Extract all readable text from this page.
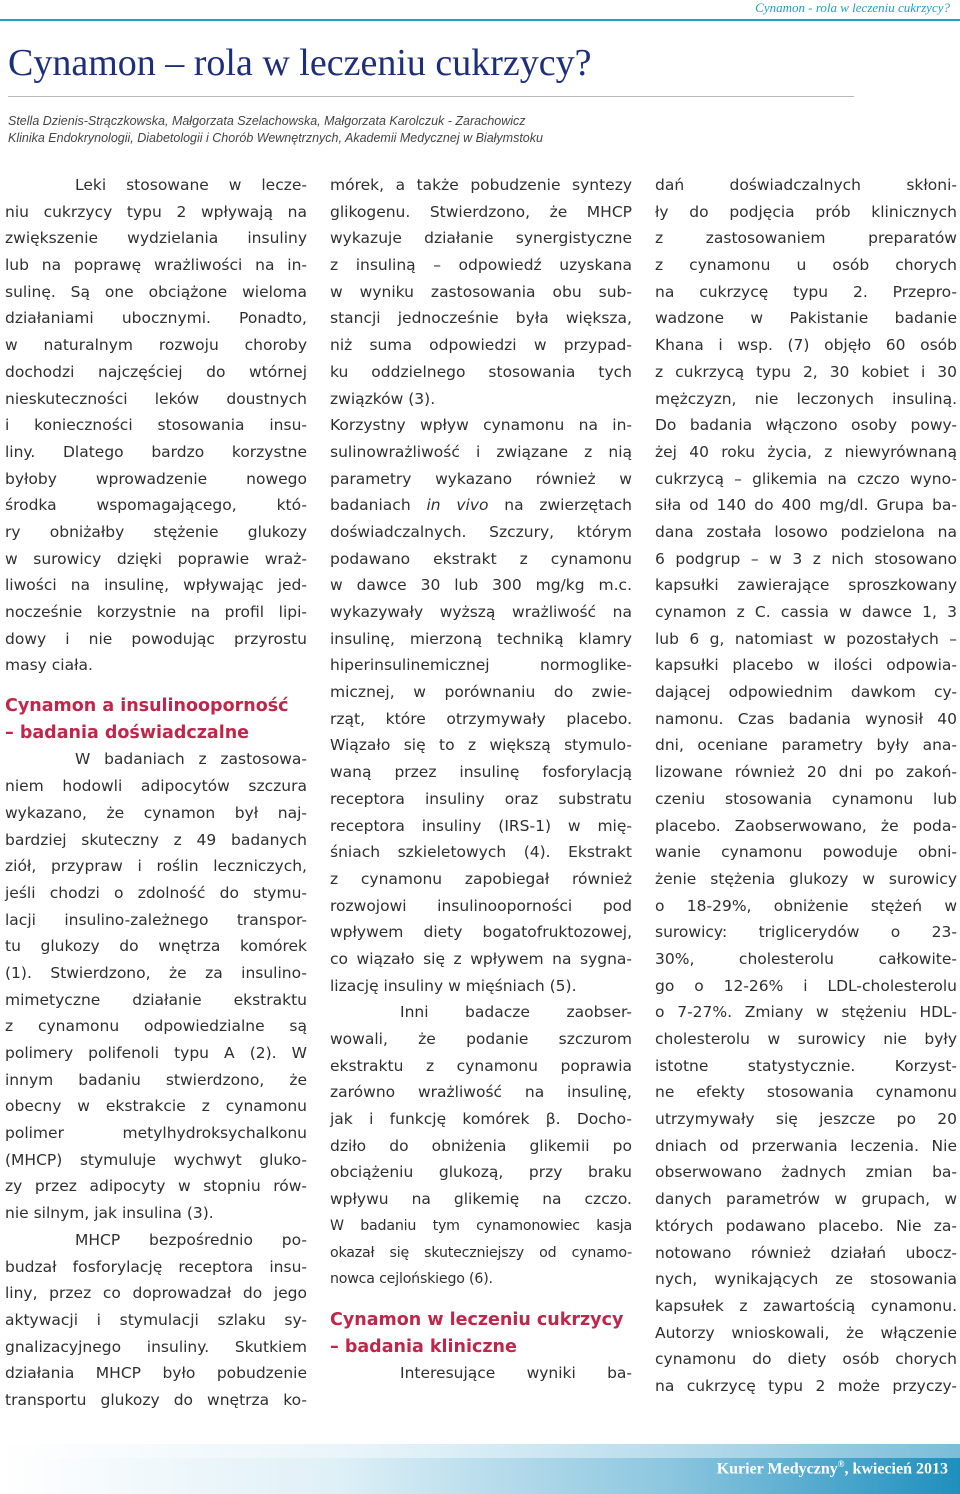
Cynamon - rola w leczeniu cukrzycy?
Cynamon – rola w leczeniu cukrzycy?
Stella Dzienis-Strączkowska, Małgorzata Szelachowska, Małgorzata Karolczuk - Zarachowicz
Klinika Endokrynologii, Diabetologii i Chorób Wewnętrznych, Akademii Medycznej w Białymstoku
Leki stosowane w lecze-
niu cukrzycy typu 2 wpływają na
zwiększenie wydzielania insuliny
lub na poprawę wrażliwości na in-
sulinę. Są one obciążone wieloma
działaniami ubocznymi. Ponadto,
w naturalnym rozwoju choroby
dochodzi najczęściej do wtórnej
nieskuteczności leków doustnych
i konieczności stosowania insu-
liny. Dlatego bardzo korzystne
byłoby wprowadzenie nowego
środka wspomagającego, któ-
ry obniżałby stężenie glukozy
w surowicy dzięki poprawie wraż-
liwości na insulinę, wpływając jed-
nocześnie korzystnie na profil lipi-
dowy i nie powodując przyrostu
masy ciała.
Cynamon a insulinooporność
– badania doświadczalne
W badaniach z zastosowa-
niem hodowli adipocytów szczura
wykazano, że cynamon był naj-
bardziej skuteczny z 49 badanych
ziół, przypraw i roślin leczniczych,
jeśli chodzi o zdolność do stymu-
lacji insulino-zależnego transpor-
tu glukozy do wnętrza komórek
(1). Stwierdzono, że za insulino-
mimetyczne działanie ekstraktu
z cynamonu odpowiedzialne są
polimery polifenoli typu A (2). W
innym badaniu stwierdzono, że
obecny w ekstrakcie z cynamonu
polimer metylhydroksychalkonu
(MHCP) stymuluje wychwyt gluko-
zy przez adipocyty w stopniu rów-
nie silnym, jak insulina (3).
MHCP bezpośrednio po-
budzał fosforylację receptora insu-
liny, przez co doprowadzał do jego
aktywacji i stymulacji szlaku sy-
gnalizacyjnego insuliny. Skutkiem
działania MHCP było pobudzenie
transportu glukozy do wnętrza ko-
mórek, a także pobudzenie syntezy
glikogenu. Stwierdzono, że MHCP
wykazuje działanie synergistyczne
z insuliną – odpowiedź uzyskana
w wyniku zastosowania obu sub-
stancji jednocześnie była większa,
niż suma odpowiedzi w przypad-
ku oddzielnego stosowania tych
związków (3).
Korzystny wpływ cynamonu na in-
sulinowrażliwość i związane z nią
parametry wykazano również w
badaniach in vivo na zwierzętach
doświadczalnych. Szczury, którym
podawano ekstrakt z cynamonu
w dawce 30 lub 300 mg/kg m.c.
wykazywały wyższą wrażliwość na
insulinę, mierzoną techniką klamry
hiperinsulinemicznej normoglike-
micznej, w porównaniu do zwie-
rząt, które otrzymywały placebo.
Wiązało się to z większą stymulo-
waną przez insulinę fosforylacją
receptora insuliny oraz substratu
receptora insuliny (IRS-1) w mię-
śniach szkieletowych (4). Ekstrakt
z cynamonu zapobiegał również
rozwojowi insulinooporności pod
wpływem diety bogatofruktozowej,
co wiązało się z wpływem na sygna-
lizację insuliny w mięśniach (5).
Inni badacze zaobser-
wowali, że podanie szczurom
ekstraktu z cynamonu poprawia
zarówno wrażliwość na insulinę,
jak i funkcję komórek β. Docho-
dziło do obniżenia glikemii po
obciążeniu glukozą, przy braku
wpływu na glikemię na czczo.
W badaniu tym cynamonowiec kasja
okazał się skuteczniejszy od cynamo-
nowca cejlońskiego (6).
Cynamon w leczeniu cukrzycy
– badania kliniczne
Interesujące wyniki ba-
dań doświadczalnych skłoni-
ły do podjęcia prób klinicznych
z zastosowaniem preparatów
z cynamonu u osób chorych
na cukrzycę typu 2. Przepro-
wadzone w Pakistanie badanie
Khana i wsp. (7) objęło 60 osób
z cukrzycą typu 2, 30 kobiet i 30
mężczyzn, nie leczonych insuliną.
Do badania włączono osoby powy-
żej 40 roku życia, z niewyrównaną
cukrzycą – glikemia na czczo wyno-
siła od 140 do 400 mg/dl. Grupa ba-
dana została losowo podzielona na
6 podgrup – w 3 z nich stosowano
kapsułki zawierające sproszkowany
cynamon z C. cassia w dawce 1, 3
lub 6 g, natomiast w pozostałych –
kapsułki placebo w ilości odpowia-
dającej odpowiednim dawkom cy-
namonu. Czas badania wynosił 40
dni, oceniane parametry były ana-
lizowane również 20 dni po zakoń-
czeniu stosowania cynamonu lub
placebo. Zaobserwowano, że poda-
wanie cynamonu powoduje obni-
żenie stężenia glukozy w surowicy
o 18-29%, obniżenie stężeń w
surowicy: triglicerydów o 23-
30%, cholesterolu całkowite-
go o 12-26% i LDL-cholesterolu
o 7-27%. Zmiany w stężeniu HDL-
cholesterolu w surowicy nie były
istotne statystycznie. Korzyst-
ne efekty stosowania cynamonu
utrzymywały się jeszcze po 20
dniach od przerwania leczenia. Nie
obserwowano żadnych zmian ba-
danych parametrów w grupach, w
których podawano placebo. Nie za-
notowano również działań ubocz-
nych, wynikających ze stosowania
kapsułek z zawartością cynamonu.
Autorzy wnioskowali, że włączenie
cynamonu do diety osób chorych
na cukrzycę typu 2 może przyczy-
Kurier Medyczny®, kwiecień 2013
